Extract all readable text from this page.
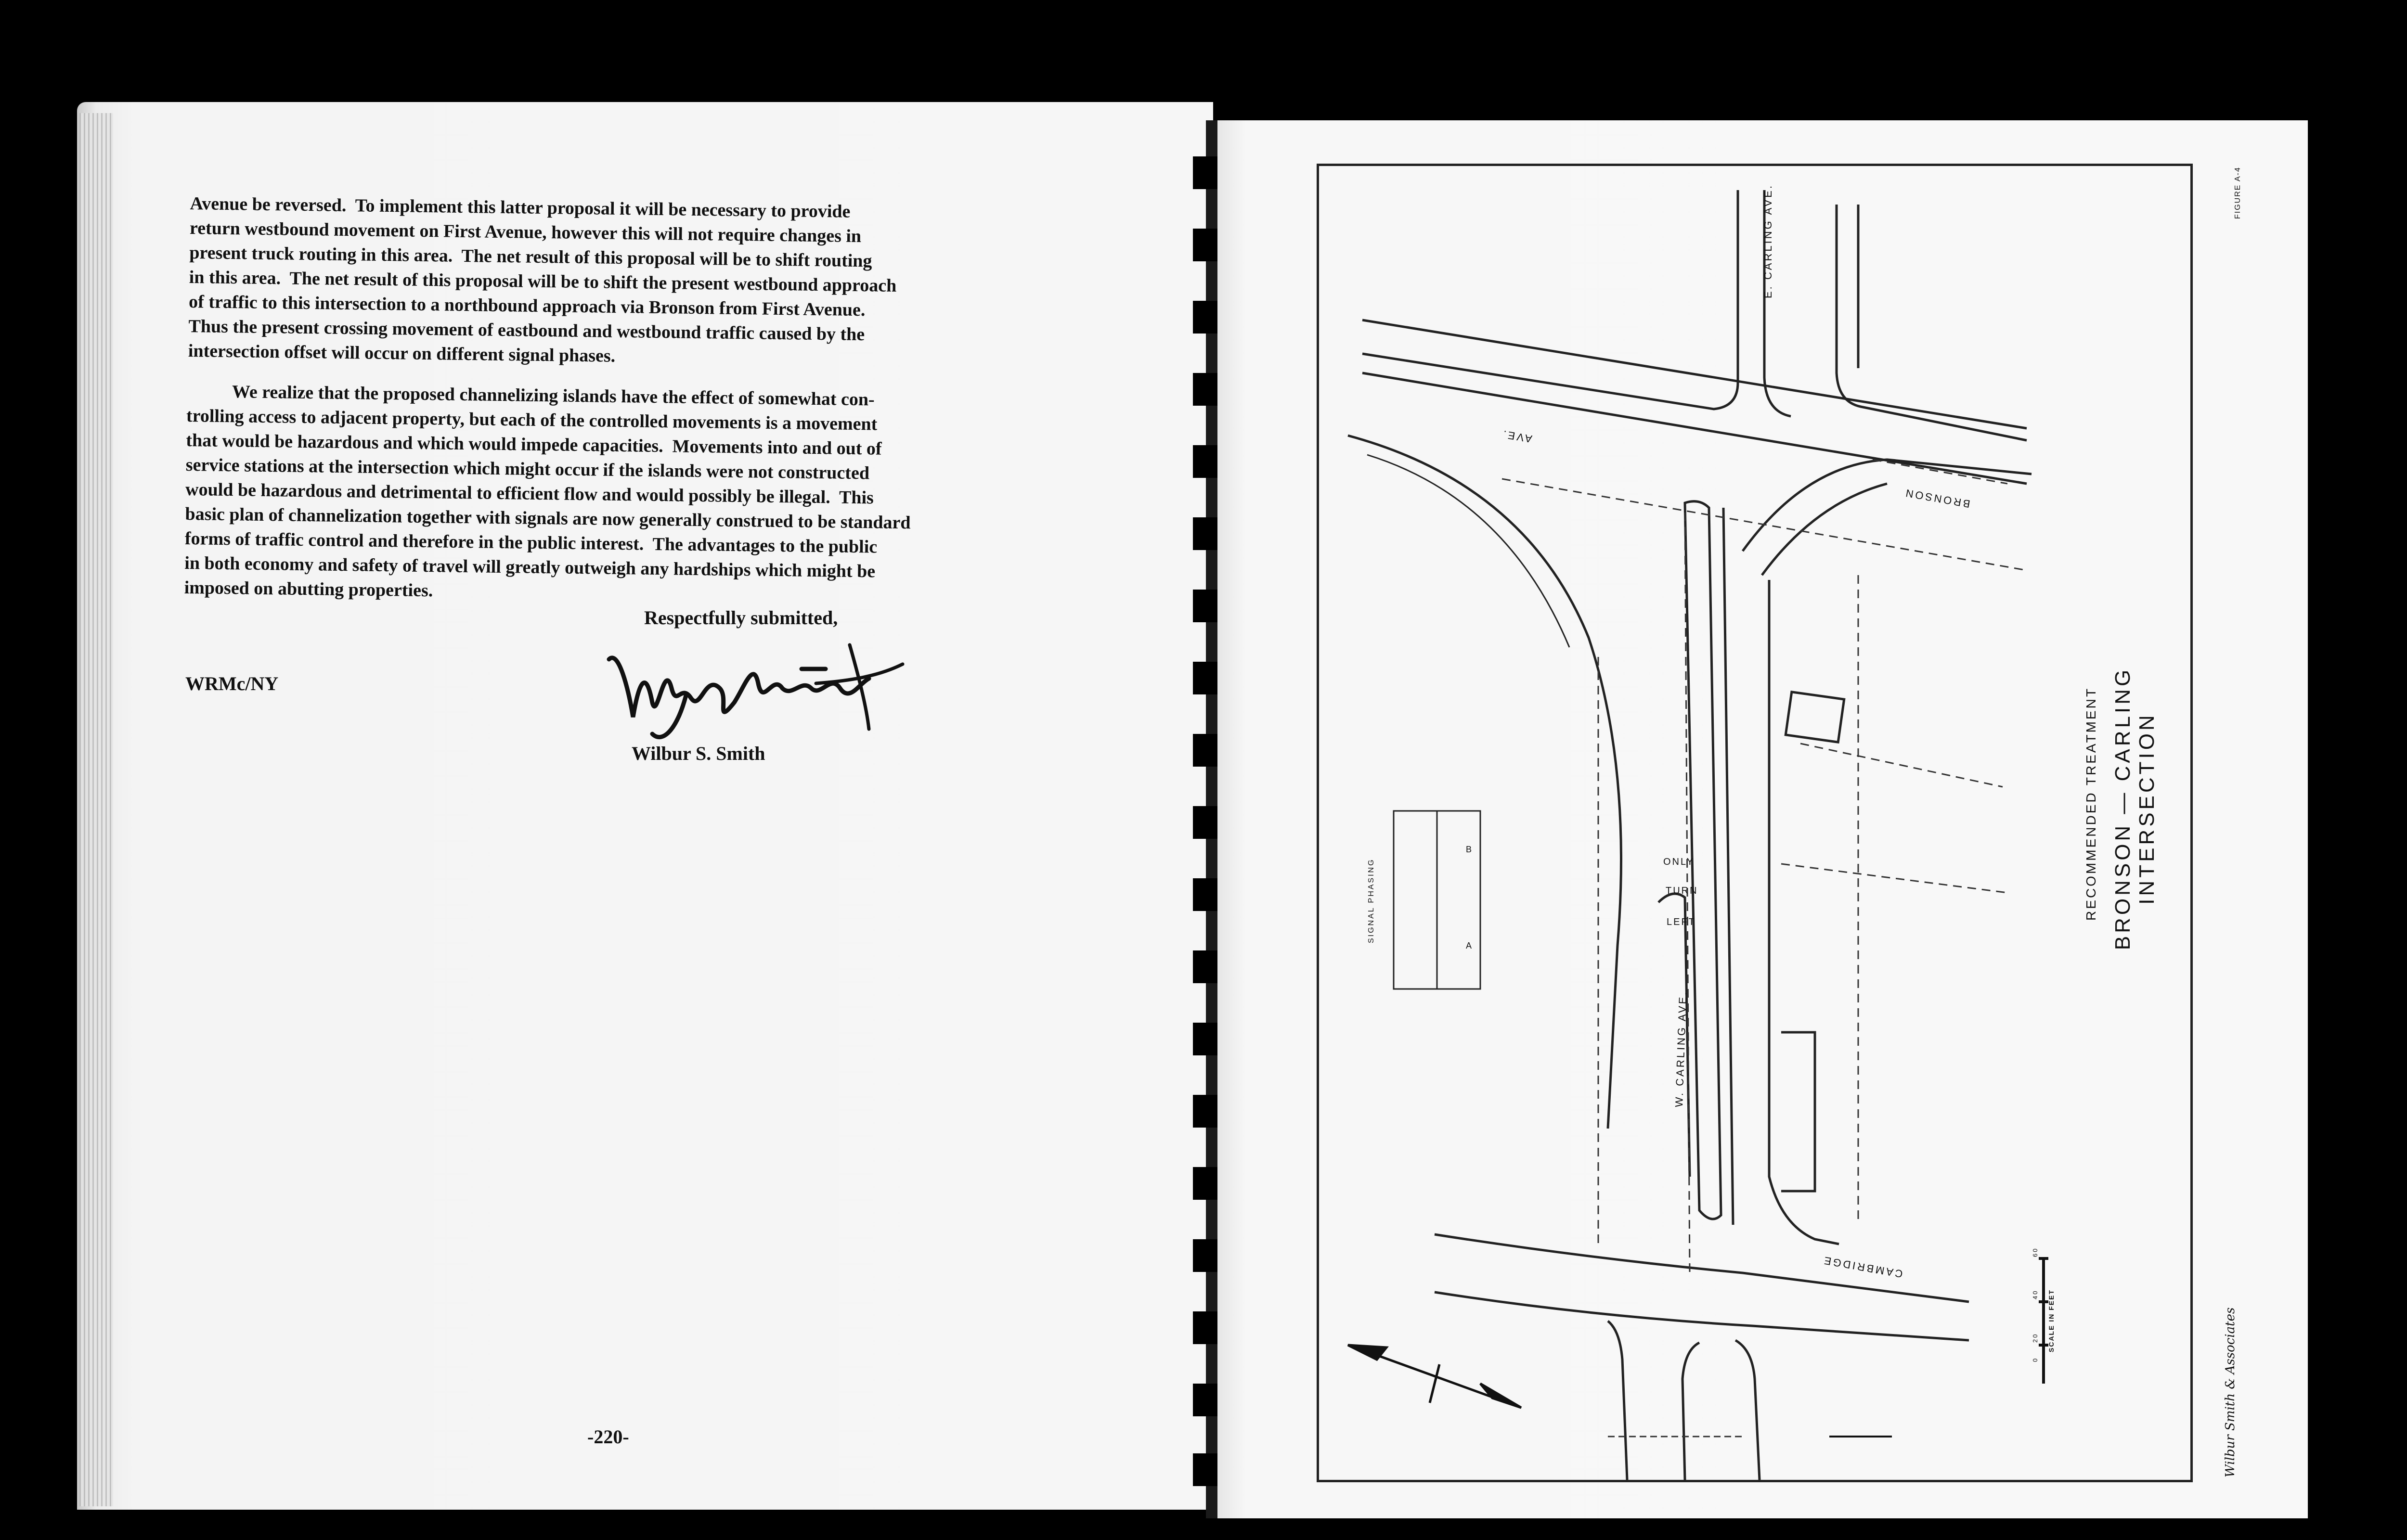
Avenue be reversed.  To implement this latter proposal it will be necessary to provide
return westbound movement on First Avenue, however this will not require changes in
present truck routing in this area.  The net result of this proposal will be to shift routing
in this area.  The net result of this proposal will be to shift the present westbound approach
of traffic to this intersection to a northbound approach via Bronson from First Avenue.
Thus the present crossing movement of eastbound and westbound traffic caused by the
intersection offset will occur on different signal phases.

We realize that the proposed channelizing islands have the effect of somewhat con-
trolling access to adjacent property, but each of the controlled movements is a movement
that would be hazardous and which would impede capacities.  Movements into and out of
service stations at the intersection which might occur if the islands were not constructed
would be hazardous and detrimental to efficient flow and would possibly be illegal.  This
basic plan of channelization together with signals are now generally construed to be standard
forms of traffic control and therefore in the public interest.  The advantages to the public
in both economy and safety of travel will greatly outweigh any hardships which might be
imposed on abutting properties.

Respectfully submitted,
WRMc/NY
Wilbur S. Smith
-220-
E. CARLING AVE.
W. CARLING AVE.
BRONSON
AVE.
CAMBRIDGE
ONLY
TURN
LEFT
SIGNAL PHASING
B
A
FIGURE A-4
RECOMMENDED TREATMENT BRONSON — CARLING INTERSECTION
SCALE IN FEET
0
20
40
60
Wilbur Smith & Associates
